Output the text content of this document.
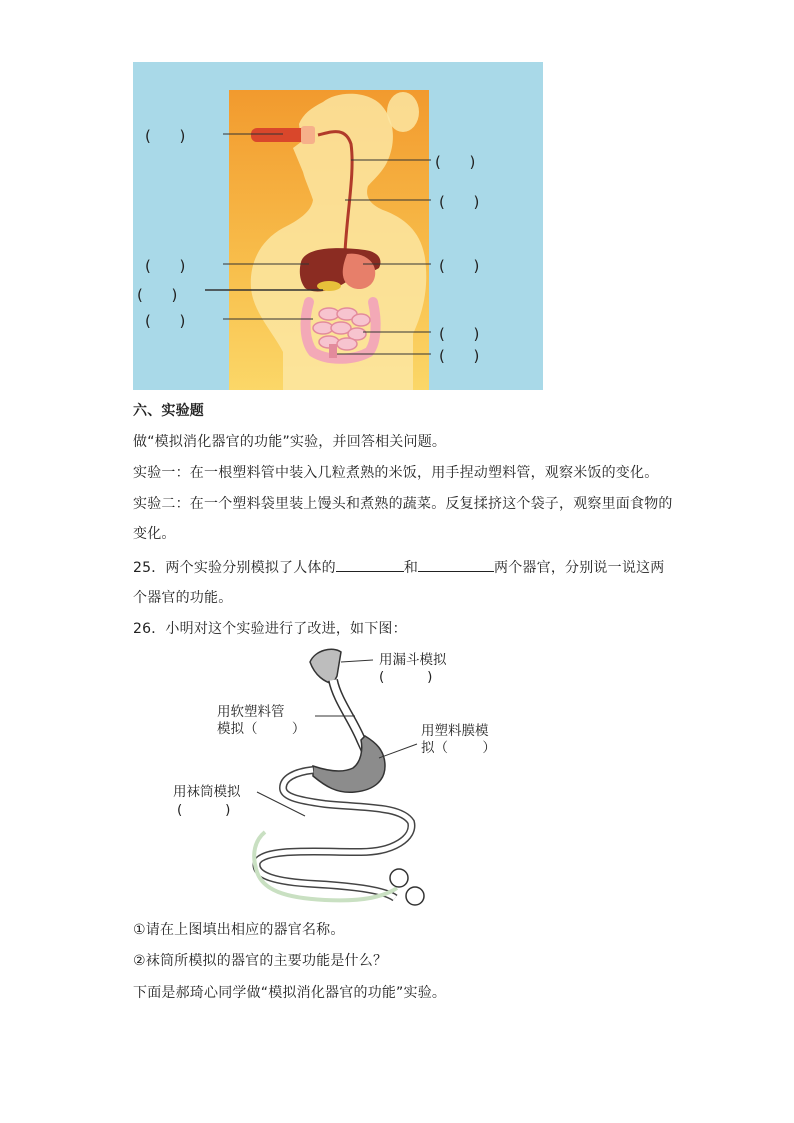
(      )
(      )
(      )
(      )	(      )
(      )
(      )
(      )
(      )
六、实验题
做“模拟消化器官的功能”实验，并回答相关问题。
实验一：在一根塑料管中装入几粒煮熟的米饭，用手捏动塑料管，观察米饭的变化。
实验二：在一个塑料袋里装上馒头和煮熟的蔬菜。反复揉挤这个袋子，观察里面食物的
变化。
25．两个实验分别模拟了人体的	和	两个器官，分别说一说这两
个器官的功能。
26．小明对这个实验进行了改进，如下图：
用漏斗模拟
(          )
用软塑料管
模拟（        ）	用塑料膜模
拟（        ）
用袜筒模拟
(          )
①请在上图填出相应的器官名称。
②袜筒所模拟的器官的主要功能是什么？
下面是郝琦心同学做“模拟消化器官的功能”实验。
